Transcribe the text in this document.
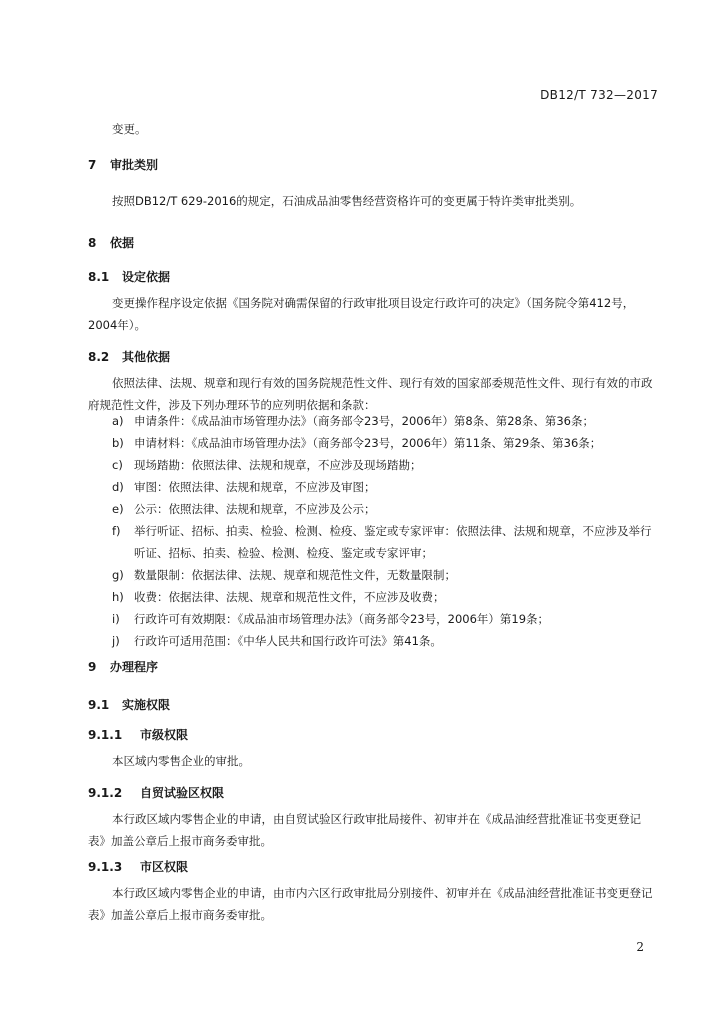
DB12/T 732—2017
变更。
7 审批类别
按照DB12/T 629-2016的规定，石油成品油零售经营资格许可的变更属于特许类审批类别。
8 依据
8.1 设定依据
变更操作程序设定依据《国务院对确需保留的行政审批项目设定行政许可的决定》（国务院令第412号，2004年）。
8.2 其他依据
依照法律、法规、规章和现行有效的国务院规范性文件、现行有效的国家部委规范性文件、现行有效的市政府规范性文件，涉及下列办理环节的应列明依据和条款：
a) 申请条件：《成品油市场管理办法》（商务部令23号，2006年）第8条、第28条、第36条；
b) 申请材料：《成品油市场管理办法》（商务部令23号，2006年）第11条、第29条、第36条；
c) 现场踏勘：依照法律、法规和规章，不应涉及现场踏勘；
d) 审图：依照法律、法规和规章，不应涉及审图；
e) 公示：依照法律、法规和规章，不应涉及公示；
f) 举行听证、招标、拍卖、检验、检测、检疫、鉴定或专家评审：依照法律、法规和规章，不应涉及举行听证、招标、拍卖、检验、检测、检疫、鉴定或专家评审；
g) 数量限制：依据法律、法规、规章和规范性文件，无数量限制；
h) 收费：依据法律、法规、规章和规范性文件，不应涉及收费；
i) 行政许可有效期限：《成品油市场管理办法》（商务部令23号，2006年）第19条；
j) 行政许可适用范围：《中华人民共和国行政许可法》第41条。
9 办理程序
9.1 实施权限
9.1.1 市级权限
本区域内零售企业的审批。
9.1.2 自贸试验区权限
本行政区域内零售企业的申请，由自贸试验区行政审批局接件、初审并在《成品油经营批准证书变更登记表》加盖公章后上报市商务委审批。
9.1.3 市区权限
本行政区域内零售企业的申请，由市内六区行政审批局分别接件、初审并在《成品油经营批准证书变更登记表》加盖公章后上报市商务委审批。
2
